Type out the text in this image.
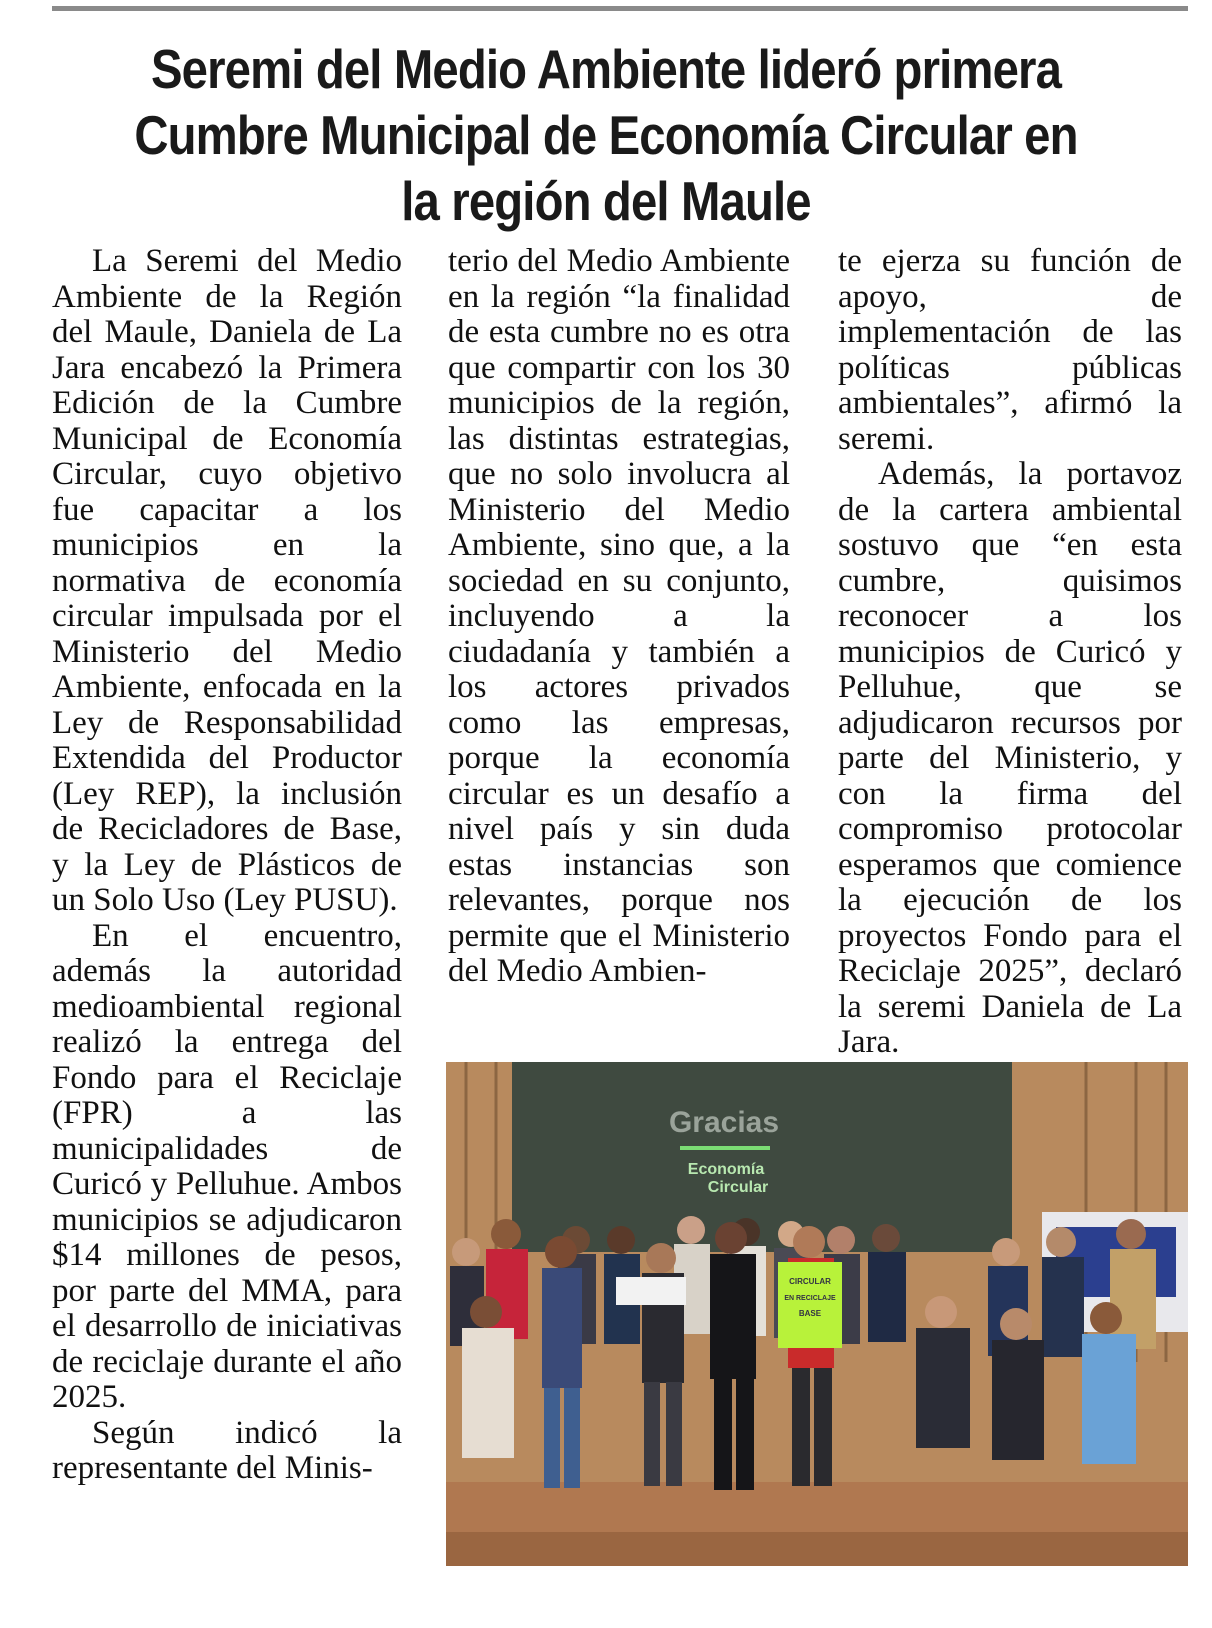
Seremi del Medio Ambiente lideró primera Cumbre Municipal de Economía Circular en la región del Maule

La Seremi del Medio Ambiente de la Región del Maule, Daniela de La Jara encabezó la Primera Edición de la Cumbre Municipal de Economía Circular, cuyo objetivo fue capacitar a los municipios en la normativa de economía circular impulsada por el Ministerio del Medio Ambiente, enfocada en la Ley de Responsabilidad Extendida del Productor (Ley REP), la inclusión de Recicladores de Base, y la Ley de Plásticos de un Solo Uso (Ley PUSU).

En el encuentro, además la autoridad medioambiental regional realizó la entrega del Fondo para el Reciclaje (FPR) a las municipalidades de Curicó y Pelluhue. Ambos municipios se adjudicaron $14 millones de pesos, por parte del MMA, para el desarrollo de iniciativas de reciclaje durante el año 2025.

Según indicó la representante del Minis-

terio del Medio Ambiente en la región “la finalidad de esta cumbre no es otra que compartir con los 30 municipios de la región, las distintas estrategias, que no solo involucra al Ministerio del Medio Ambiente, sino que, a la sociedad en su conjunto, incluyendo a la ciudadanía y también a los actores privados como las empresas, porque la economía circular es un desafío a nivel país y sin duda estas instancias son relevantes, porque nos permite que el Ministerio del Medio Ambien-

te ejerza su función de apoyo, de implementación de las políticas públicas ambientales”, afirmó la seremi.

Además, la portavoz de la cartera ambiental sostuvo que “en esta cumbre, quisimos reconocer a los municipios de Curicó y Pelluhue, que se adjudicaron recursos por parte del Ministerio, y con la firma del compromiso protocolar esperamos que comience la ejecución de los proyectos Fondo para el Reciclaje 2025”, declaró la seremi Daniela de La Jara.

Gracias
Economía
Circular
CIRCULAR
EN RECICLAJE
BASE
